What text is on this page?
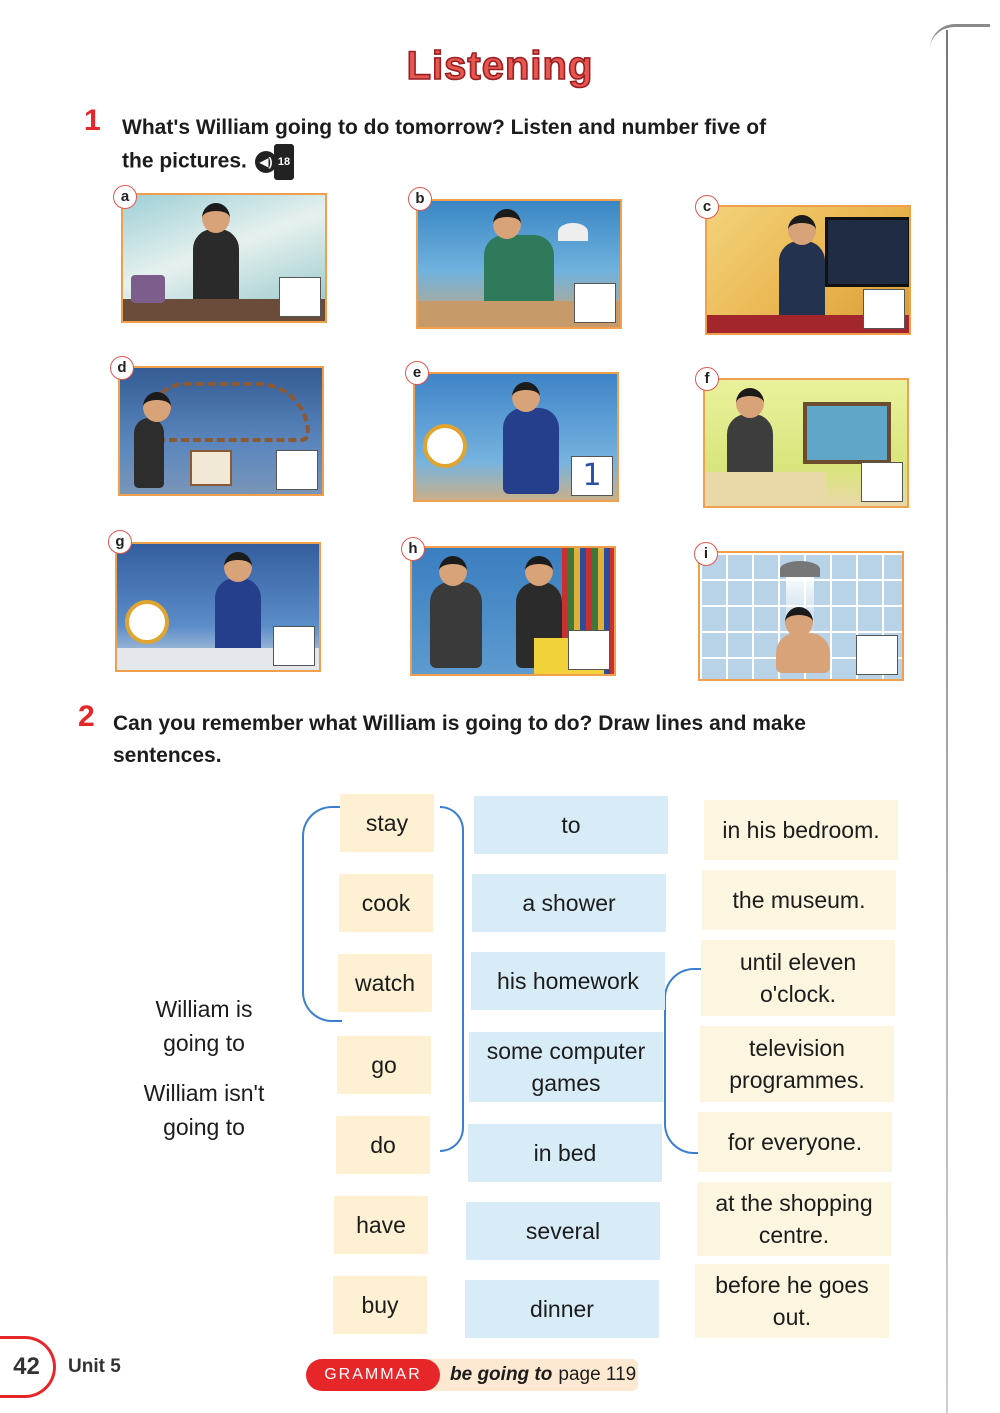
Listening
1 What's William going to do tomorrow? Listen and number five of
the pictures.	◀) 18
a	b	c
d
1
e	f
g	h	i
2 Can you remember what William is going to do? Draw lines and make
sentences.
William is
going to
William isn't
going to
stay
cook
watch
go
do
have
buy
to
a shower
his homework
some computer
games
in bed
several
dinner
in his bedroom.
the museum.
until eleven
o'clock.
television
programmes.
for everyone.
at the shopping
centre.
before he goes
out.
42	Unit 5	be going to page 119
GRAMMAR
